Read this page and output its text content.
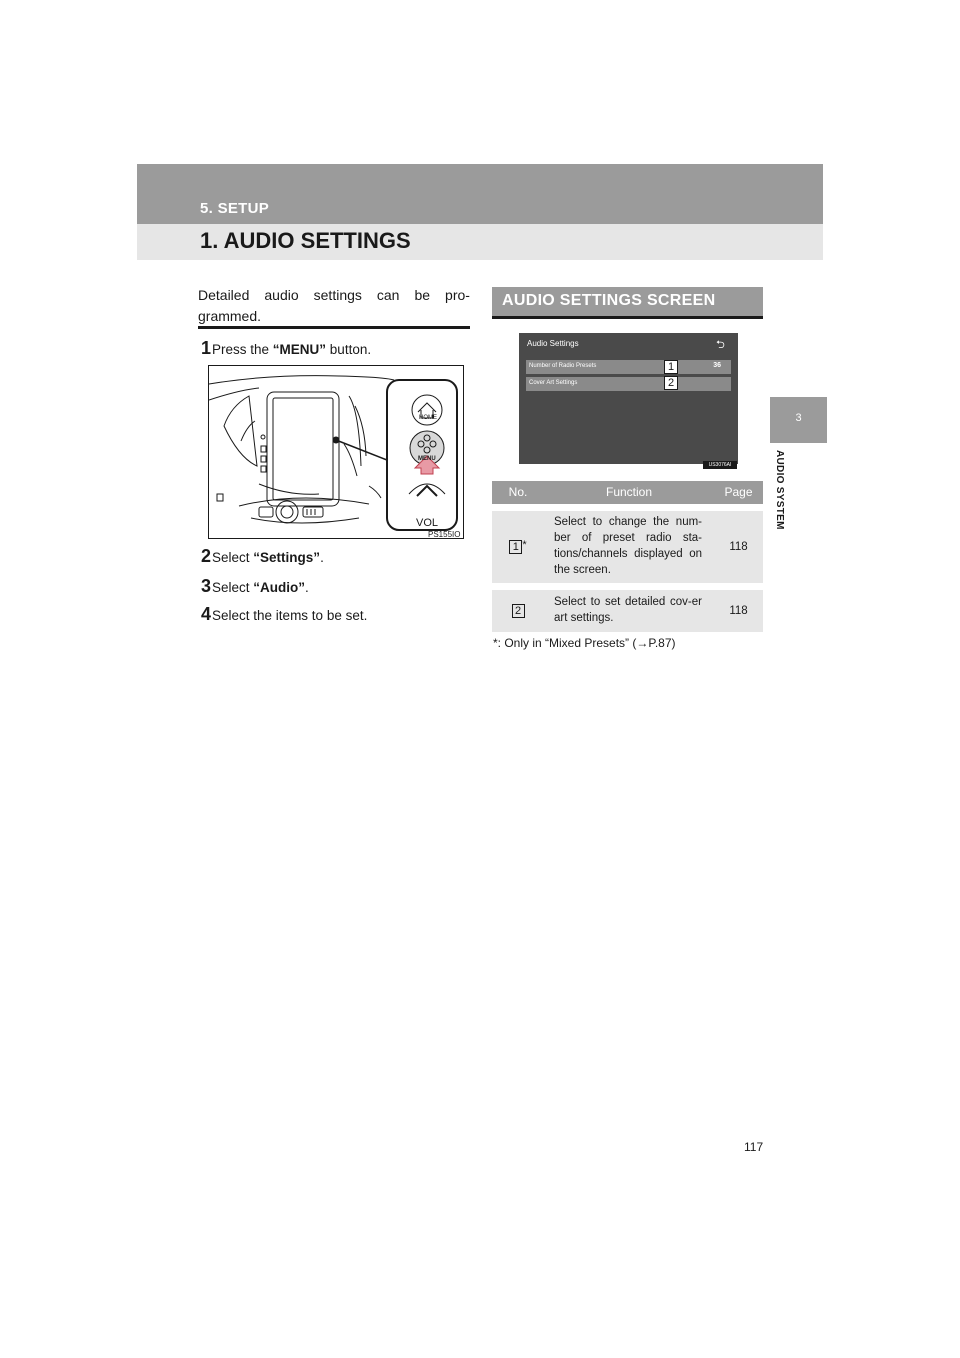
5. SETUP
1. AUDIO SETTINGS
3
AUDIO SYSTEM
Detailed audio settings can be pro-
grammed.
1Press the “MENU” button.
HOME
MENU
VOL
PS155IO
2Select “Settings”.
3Select “Audio”.
4Select the items to be set.
AUDIO SETTINGS SCREEN
Audio Settings	⮌
Number of Radio Presets	36
Cover Art Settings
1
2
US3076AI
No.	Function	Page
1 *	Select to change the num-ber of preset radio sta-tions/channels displayed on the screen.	118
2	Select to set detailed cov-er art settings.	118
*: Only in “Mixed Presets” (→P.87)
117
